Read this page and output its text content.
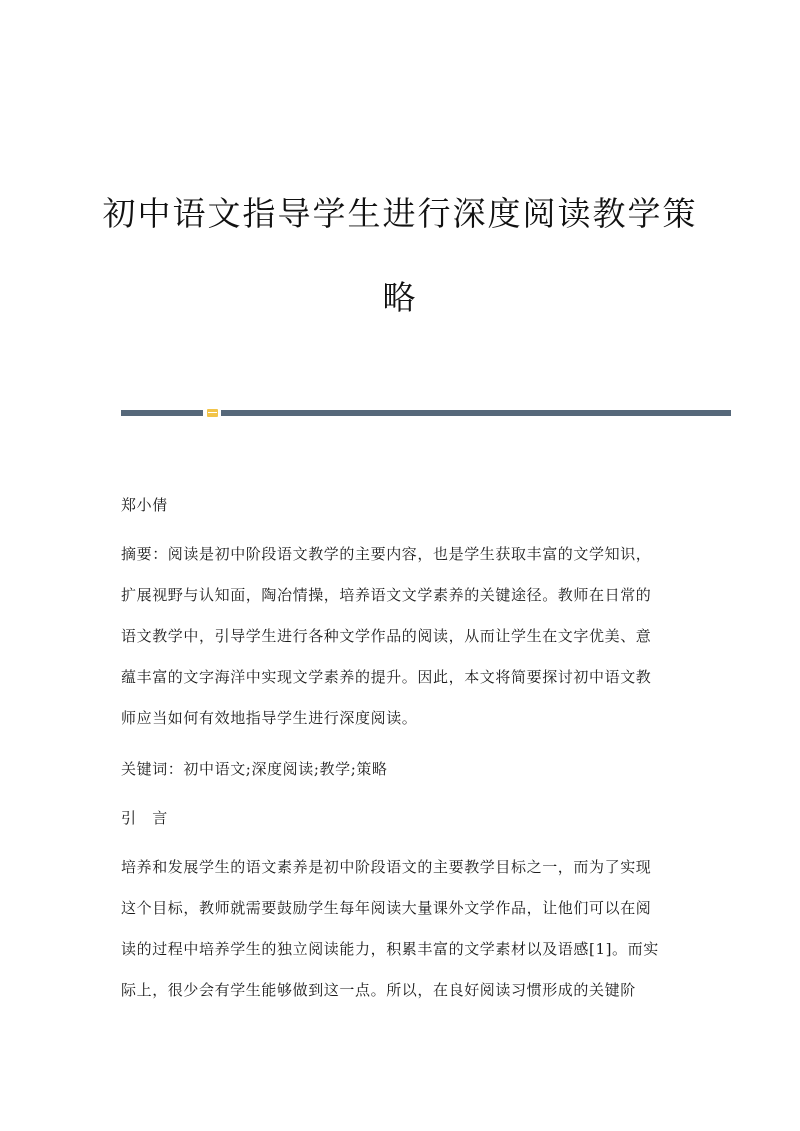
初中语文指导学生进行深度阅读教学策
略
郑小倩
摘要：阅读是初中阶段语文教学的主要内容，也是学生获取丰富的文学知识，
扩展视野与认知面，陶冶情操，培养语文文学素养的关键途径。教师在日常的
语文教学中，引导学生进行各种文学作品的阅读，从而让学生在文字优美、意
蕴丰富的文字海洋中实现文学素养的提升。因此，本文将简要探讨初中语文教
师应当如何有效地指导学生进行深度阅读。
关键词：初中语文;深度阅读;教学;策略
引　言
培养和发展学生的语文素养是初中阶段语文的主要教学目标之一，而为了实现
这个目标，教师就需要鼓励学生每年阅读大量课外文学作品，让他们可以在阅
读的过程中培养学生的独立阅读能力，积累丰富的文学素材以及语感[1]。而实
际上，很少会有学生能够做到这一点。所以，在良好阅读习惯形成的关键阶
